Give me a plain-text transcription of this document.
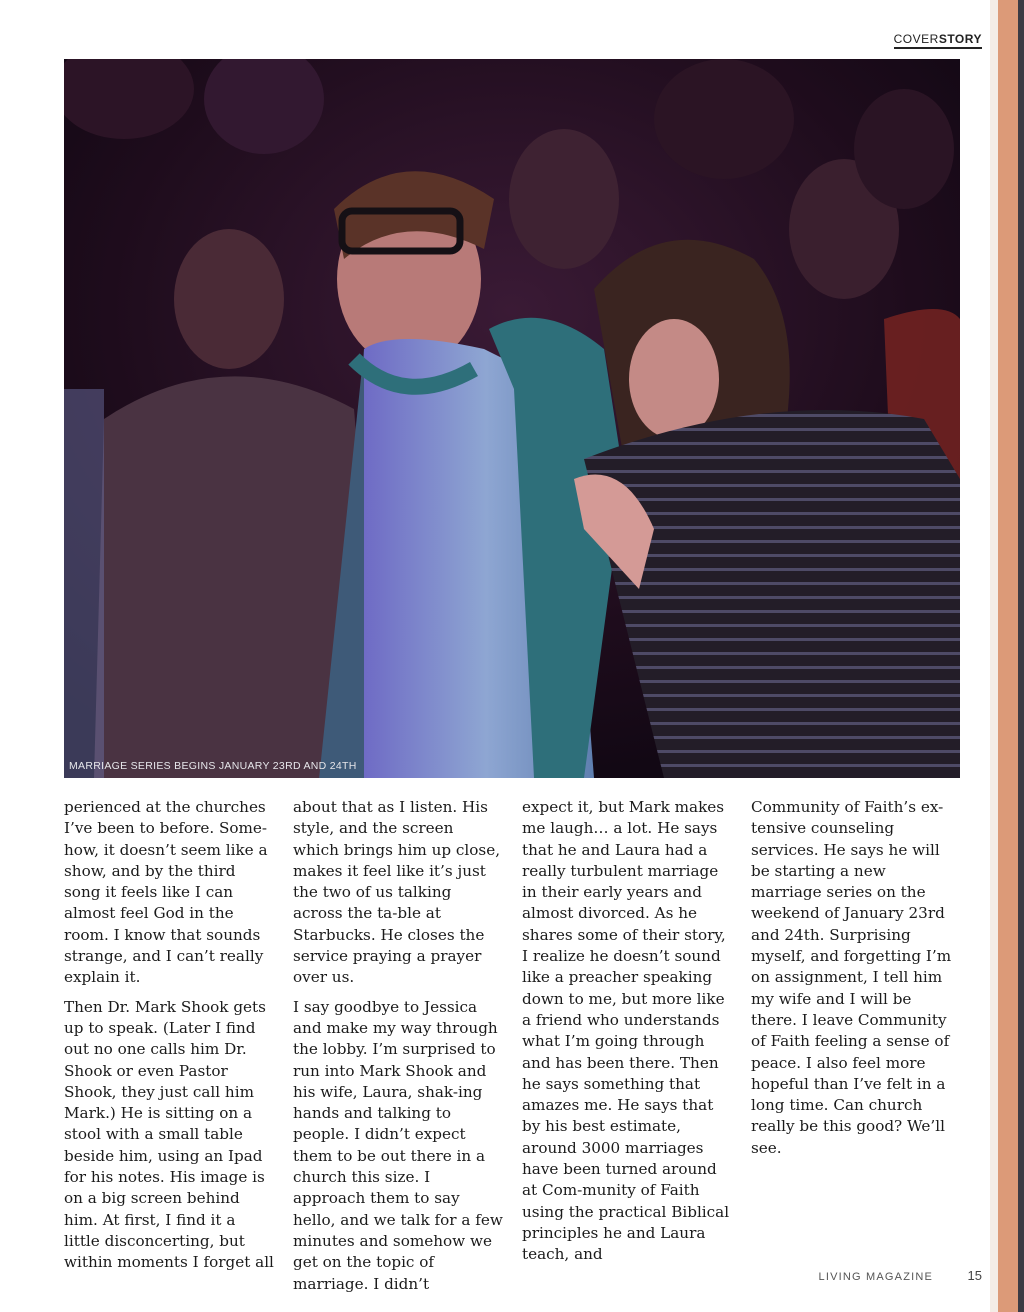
COVERSTORY
MARRIAGE SERIES BEGINS JANUARY 23RD AND 24TH

perienced at the churches I’ve been to before. Some-how, it doesn’t seem like a show, and by the third song it feels like I can almost feel God in the room. I know that sounds strange, and I can’t really explain it.

Then Dr. Mark Shook gets up to speak. (Later I find out no one calls him Dr. Shook or even Pastor Shook, they just call him Mark.) He is sitting on a stool with a small table beside him, using an Ipad for his notes. His image is on a big screen behind him. At first, I find it a little disconcerting, but within moments I forget all

about that as I listen. His style, and the screen which brings him up close, makes it feel like it’s just the two of us talking across the ta-ble at Starbucks. He closes the service praying a prayer over us.

I say goodbye to Jessica and make my way through the lobby. I’m surprised to run into Mark Shook and his wife, Laura, shak-ing hands and talking to people. I didn’t expect them to be out there in a church this size. I approach them to say hello, and we talk for a few minutes and somehow we get on the topic of marriage. I didn’t

expect it, but Mark makes me laugh… a lot. He says that he and Laura had a really turbulent marriage in their early years and almost divorced. As he shares some of their story, I realize he doesn’t sound like a preacher speaking down to me, but more like a friend who understands what I’m going through and has been there. Then he says something that amazes me. He says that by his best estimate, around 3000 marriages have been turned around at Com-munity of Faith using the practical Biblical principles he and Laura teach, and

Community of Faith’s ex-tensive counseling services. He says he will be starting a new marriage series on the weekend of January 23rd and 24th. Surprising myself, and forgetting I’m on assignment, I tell him my wife and I will be there. I leave Community of Faith feeling a sense of peace. I also feel more hopeful than I’ve felt in a long time. Can church really be this good? We’ll see.

LIVING MAGAZINE	15
